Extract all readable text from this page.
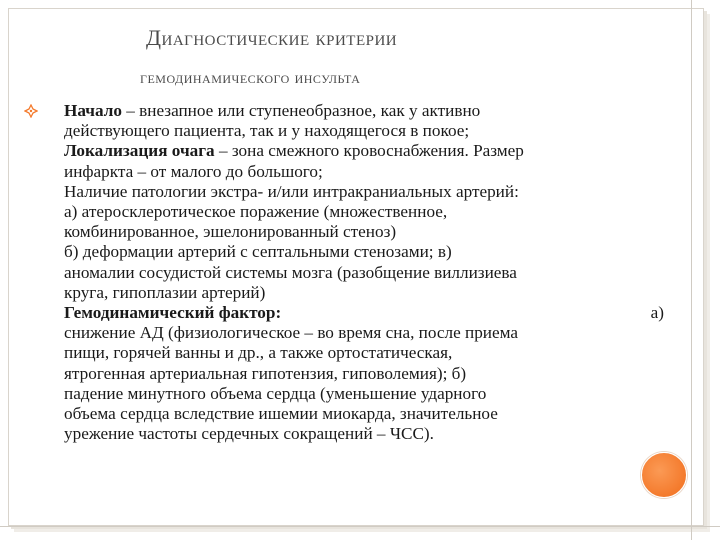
Диагностические критерии
гемодинамического инсульта
Начало – внезапное или ступенеобразное, как у активно
действующего пациента, так и у находящегося в покое;
Локализация очага – зона смежного кровоснабжения. Размер
инфаркта – от малого до большого;
Наличие патологии экстра- и/или интракраниальных артерий:
а) атеросклеротическое поражение (множественное,
комбинированное, эшелонированный стеноз)
б) деформации артерий с септальными стенозами; в)
аномалии сосудистой системы мозга (разобщение виллизиева
круга, гипоплазии артерий)
Гемодинамический фактор:	а)
снижение АД (физиологическое – во время сна, после приема
пищи, горячей ванны и др., а также ортостатическая,
ятрогенная артериальная гипотензия, гиповолемия); б)
падение минутного объема сердца (уменьшение ударного
объема сердца вследствие ишемии миокарда, значительное
урежение частоты сердечных сокращений – ЧСС).
